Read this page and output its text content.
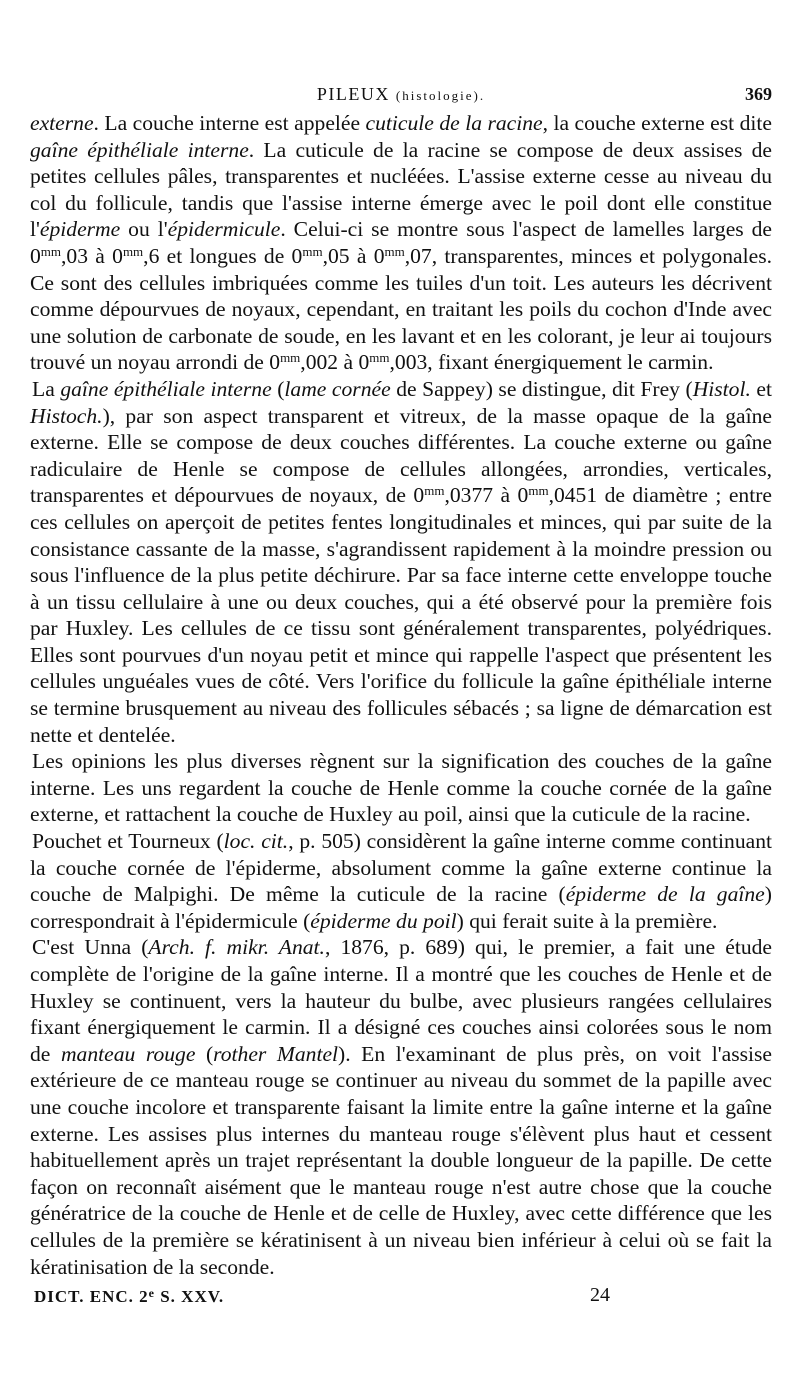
PILEUX (histologie).	369

externe. La couche interne est appelée cuticule de la racine, la couche externe est dite gaîne épithéliale interne. La cuticule de la racine se compose de deux assises de petites cellules pâles, transparentes et nucléées. L'assise externe cesse au niveau du col du follicule, tandis que l'assise interne émerge avec le poil dont elle constitue l'épiderme ou l'épidermicule. Celui-ci se montre sous l'aspect de lamelles larges de $0^{mm},03$ à $0^{mm},6$ et longues de $0^{mm},05$ à $0^{mm},07$, transparentes, minces et polygonales. Ce sont des cellules imbriquées comme les tuiles d'un toit. Les auteurs les décrivent comme dépourvues de noyaux, cependant, en traitant les poils du cochon d'Inde avec une solution de carbonate de soude, en les lavant et en les colorant, je leur ai toujours trouvé un noyau arrondi de $0^{mm},002$ à $0^{mm},003$, fixant énergiquement le carmin.

La gaîne épithéliale interne (lame cornée de Sappey) se distingue, dit Frey (Histol. et Histoch.), par son aspect transparent et vitreux, de la masse opaque de la gaîne externe. Elle se compose de deux couches différentes. La couche externe ou gaîne radiculaire de Henle se compose de cellules allongées, arrondies, verticales, transparentes et dépourvues de noyaux, de $0^{mm},0377$ à $0^{mm},0451$ de diamètre ; entre ces cellules on aperçoit de petites fentes longitudinales et minces, qui par suite de la consistance cassante de la masse, s'agrandissent rapidement à la moindre pression ou sous l'influence de la plus petite déchirure. Par sa face interne cette enveloppe touche à un tissu cellulaire à une ou deux couches, qui a été observé pour la première fois par Huxley. Les cellules de ce tissu sont généralement transparentes, polyédriques. Elles sont pourvues d'un noyau petit et mince qui rappelle l'aspect que présentent les cellules unguéales vues de côté. Vers l'orifice du follicule la gaîne épithéliale interne se termine brusquement au niveau des follicules sébacés ; sa ligne de démarcation est nette et dentelée.

Les opinions les plus diverses règnent sur la signification des couches de la gaîne interne. Les uns regardent la couche de Henle comme la couche cornée de la gaîne externe, et rattachent la couche de Huxley au poil, ainsi que la cuticule de la racine.

Pouchet et Tourneux (loc. cit., p. 505) considèrent la gaîne interne comme continuant la couche cornée de l'épiderme, absolument comme la gaîne externe continue la couche de Malpighi. De même la cuticule de la racine (épiderme de la gaîne) correspondrait à l'épidermicule (épiderme du poil) qui ferait suite à la première.

C'est Unna (Arch. f. mikr. Anat., 1876, p. 689) qui, le premier, a fait une étude complète de l'origine de la gaîne interne. Il a montré que les couches de Henle et de Huxley se continuent, vers la hauteur du bulbe, avec plusieurs rangées cellulaires fixant énergiquement le carmin. Il a désigné ces couches ainsi colorées sous le nom de manteau rouge (rother Mantel). En l'examinant de plus près, on voit l'assise extérieure de ce manteau rouge se continuer au niveau du sommet de la papille avec une couche incolore et transparente faisant la limite entre la gaîne interne et la gaîne externe. Les assises plus internes du manteau rouge s'élèvent plus haut et cessent habituellement après un trajet représentant la double longueur de la papille. De cette façon on reconnaît aisément que le manteau rouge n'est autre chose que la couche génératrice de la couche de Henle et de celle de Huxley, avec cette différence que les cellules de la première se kératinisent à un niveau bien inférieur à celui où se fait la kératinisation de la seconde.

DICT. ENC. 2e S. XXV.	24
